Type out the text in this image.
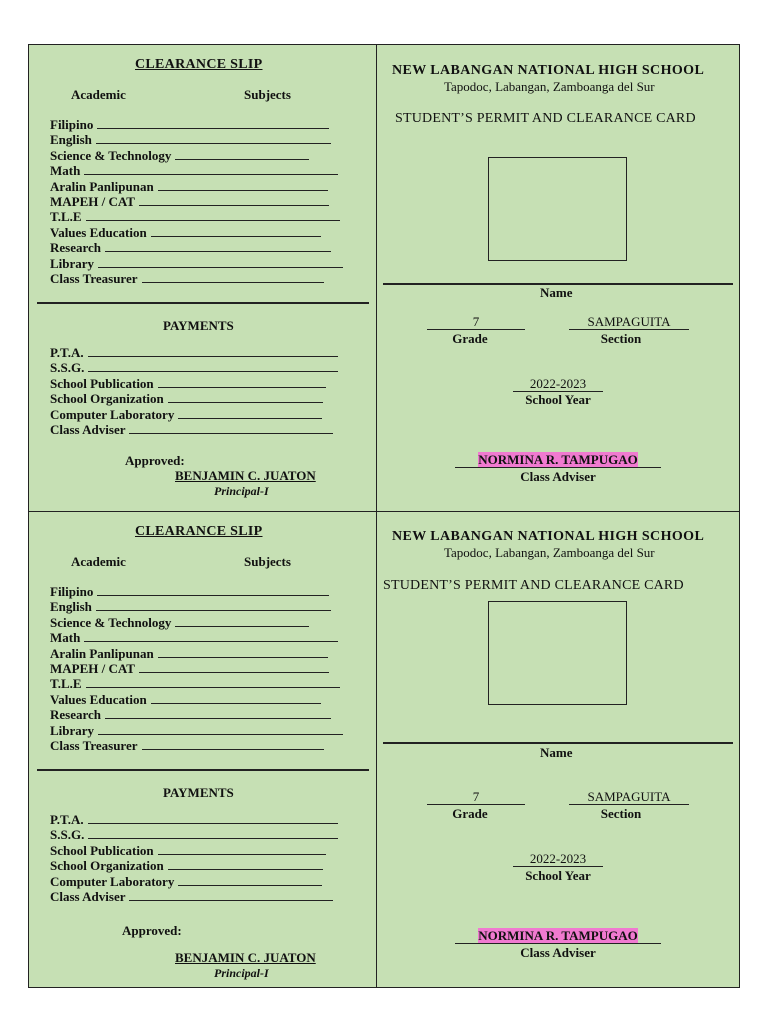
CLEARANCE SLIP
Academic	Subjects
Filipino
English
Science & Technology
Math
Aralin Panlipunan
MAPEH / CAT
T.L.E
Values Education
Research
Library
Class Treasurer
PAYMENTS
P.T.A.
S.S.G.
School Publication
School Organization
Computer Laboratory
Class Adviser
Approved:
BENJAMIN C. JUATON
Principal-I
NEW LABANGAN NATIONAL HIGH SCHOOL
Tapodoc, Labangan, Zamboanga del Sur
STUDENT’S PERMIT AND CLEARANCE CARD
Name
7
Grade
SAMPAGUITA
Section
2022-2023
School Year
NORMINA R. TAMPUGAO
Class Adviser
CLEARANCE SLIP
Academic	Subjects
Filipino
English
Science & Technology
Math
Aralin Panlipunan
MAPEH / CAT
T.L.E
Values Education
Research
Library
Class Treasurer
PAYMENTS
P.T.A.
S.S.G.
School Publication
School Organization
Computer Laboratory
Class Adviser
Approved:
BENJAMIN C. JUATON
Principal-I
NEW LABANGAN NATIONAL HIGH SCHOOL
Tapodoc, Labangan, Zamboanga del Sur
STUDENT’S PERMIT AND CLEARANCE CARD
Name
7
Grade
SAMPAGUITA
Section
2022-2023
School Year
NORMINA R. TAMPUGAO
Class Adviser
